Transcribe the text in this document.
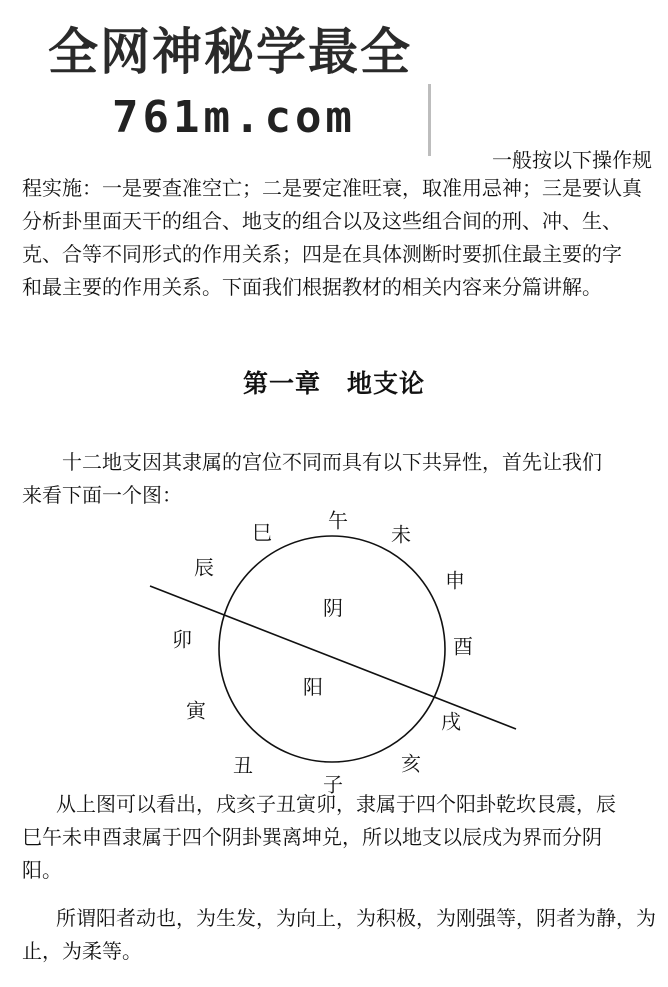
全网神秘学最全
761m.com
一般按以下操作规
程实施：一是要查准空亡；二是要定准旺衰，取准用忌神；三是要认真
分析卦里面天干的组合、地支的组合以及这些组合间的刑、冲、生、
克、合等不同形式的作用关系；四是在具体测断时要抓住最主要的字
和最主要的作用关系。下面我们根据教材的相关内容来分篇讲解。
第一章 地支论
十二地支因其隶属的宫位不同而具有以下共异性，首先让我们
来看下面一个图：
阴
阳
午
未
巳
辰
申
卯	酉
寅	戌
丑	亥
子
从上图可以看出，戌亥子丑寅卯，隶属于四个阳卦乾坎艮震，辰
巳午未申酉隶属于四个阴卦巽离坤兑，所以地支以辰戌为界而分阴
阳。
所谓阳者动也，为生发，为向上，为积极，为刚强等，阴者为静，为
止，为柔等。
